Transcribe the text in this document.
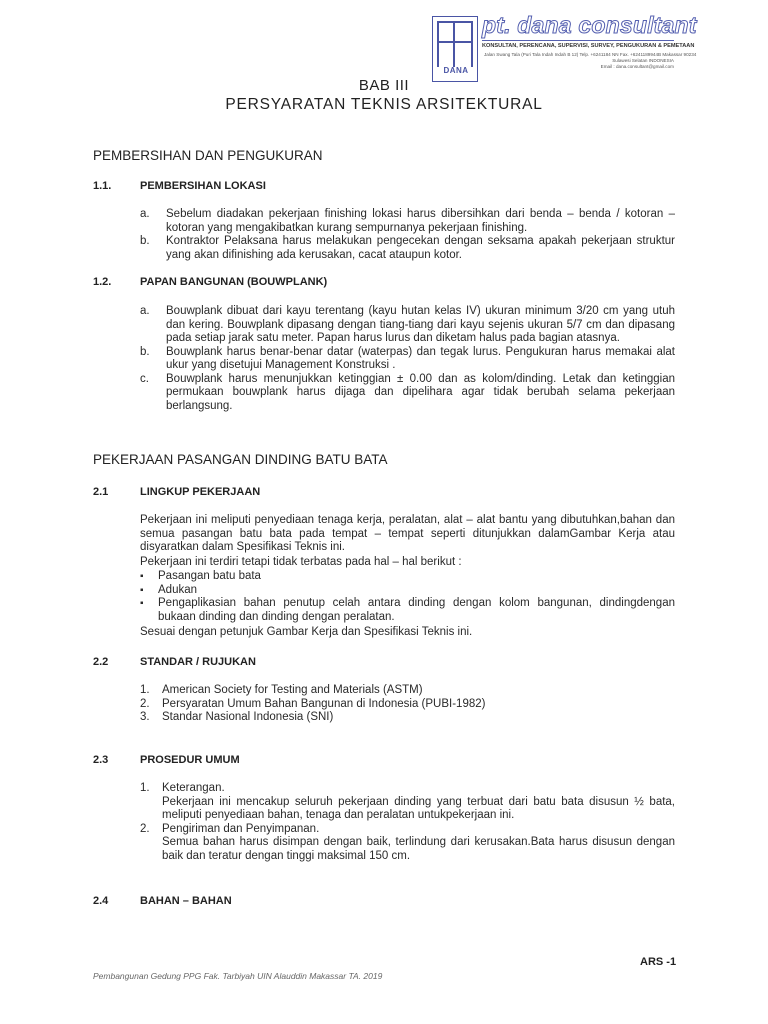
DANA
pt. dana consultant
KONSULTAN, PERENCANA, SUPERVISI, SURVEY, PENGUKURAN & PEMETAAN
Jalan Swang Tala (Puri Tala Indah Indah B 12) Telp. +6241184 NN Fax. +6241189944B Makassar 90234
Sulawesi Selatan INDONESIA
Email : dana.consultant@gmail.com
BAB III
PERSYARATAN TEKNIS ARSITEKTURAL
PEMBERSIHAN DAN PENGUKURAN
1.1.	PEMBERSIHAN LOKASI
a.	Sebelum diadakan pekerjaan finishing lokasi harus dibersihkan dari benda – benda / kotoran – kotoran yang mengakibatkan kurang sempurnanya pekerjaan finishing.
b.	Kontraktor Pelaksana harus melakukan pengecekan dengan seksama apakah pekerjaan struktur yang akan difinishing ada kerusakan, cacat ataupun kotor.
1.2.	PAPAN BANGUNAN (BOUWPLANK)
a.	Bouwplank dibuat dari kayu terentang (kayu hutan kelas IV) ukuran minimum 3/20 cm yang utuh dan kering. Bouwplank dipasang dengan tiang-tiang dari kayu sejenis ukuran 5/7 cm dan dipasang pada setiap jarak satu meter. Papan harus lurus dan diketam halus pada bagian atasnya.
b.	Bouwplank harus benar-benar datar (waterpas) dan tegak lurus. Pengukuran harus memakai alat ukur yang disetujui Management Konstruksi .
c.	Bouwplank harus menunjukkan ketinggian ± 0.00 dan as kolom/dinding. Letak dan ketinggian permukaan bouwplank harus dijaga dan dipelihara agar tidak berubah selama pekerjaan berlangsung.
PEKERJAAN PASANGAN DINDING BATU BATA
2.1	LINGKUP PEKERJAAN
Pekerjaan ini meliputi penyediaan tenaga kerja, peralatan, alat – alat bantu yang dibutuhkan,bahan dan semua pasangan batu bata pada tempat – tempat seperti ditunjukkan dalamGambar Kerja atau disyaratkan dalam Spesifikasi Teknis ini.
Pekerjaan ini terdiri tetapi tidak terbatas pada hal – hal berikut :
▪	Pasangan batu bata
▪	Adukan
▪	Pengaplikasian bahan penutup celah antara dinding dengan kolom bangunan, dindingdengan bukaan dinding dan dinding dengan peralatan.
Sesuai dengan petunjuk Gambar Kerja dan Spesifikasi Teknis ini.
2.2	STANDAR / RUJUKAN
1.	American Society for Testing and Materials (ASTM)
2.	Persyaratan Umum Bahan Bangunan di Indonesia (PUBI-1982)
3.	Standar Nasional Indonesia (SNI)
2.3	PROSEDUR UMUM
1.	Keterangan.
Pekerjaan ini mencakup seluruh pekerjaan dinding yang terbuat dari batu bata disusun ½ bata, meliputi penyediaan bahan, tenaga dan peralatan untukpekerjaan ini.
2.	Pengiriman dan Penyimpanan.
Semua bahan harus disimpan dengan baik, terlindung dari kerusakan.Bata harus disusun dengan baik dan teratur dengan tinggi maksimal 150 cm.
2.4	BAHAN – BAHAN
ARS -1
Pembangunan Gedung PPG Fak. Tarbiyah UIN Alauddin Makassar TA. 2019
